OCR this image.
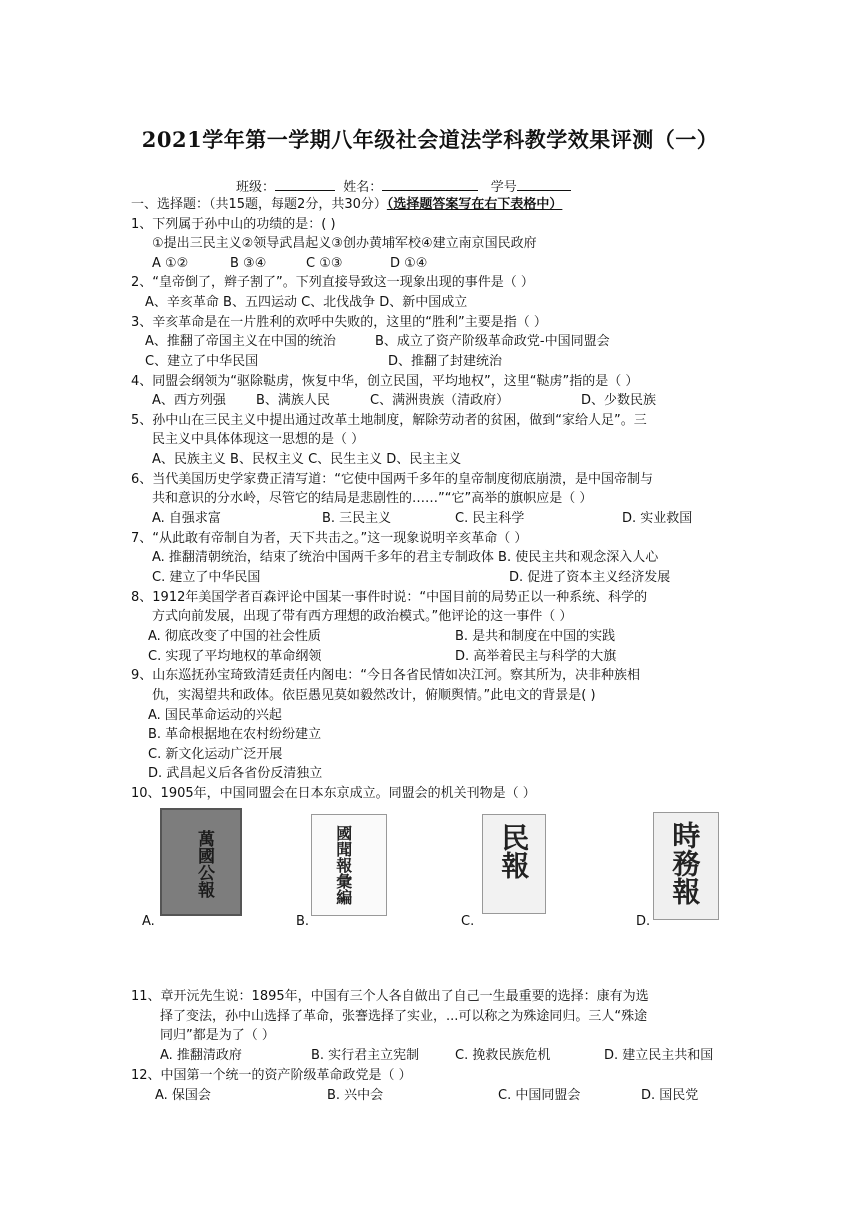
2021学年第一学期八年级社会道法学科教学效果评测（一）
班级：	姓名：	学号
一、选择题：（共15题，每题2分，共30分）（选择题答案写在右下表格中）
1、下列属于孙中山的功绩的是：( )
①提出三民主义②领导武昌起义③创办黄埔军校④建立南京国民政府
A ①②	B ③④	C ①③	D ①④
2、“皇帝倒了，辫子割了”。下列直接导致这一现象出现的事件是（ ）
A、辛亥革命 B、五四运动 C、北伐战争 D、新中国成立
3、辛亥革命是在一片胜利的欢呼中失败的，这里的“胜利”主要是指（ ）
A、推翻了帝国主义在中国的统治	B、成立了资产阶级革命政党-中国同盟会
C、建立了中华民国	D、推翻了封建统治
4、同盟会纲领为“驱除鞑虏，恢复中华，创立民国，平均地权”，这里“鞑虏”指的是（ ）
A、西方列强 B、满族人民	C、满洲贵族（清政府）	D、少数民族
5、孙中山在三民主义中提出通过改革土地制度，解除劳动者的贫困，做到“家给人足”。三
民主义中具体体现这一思想的是（ ）
A、民族主义 B、民权主义 C、民生主义 D、民主主义
6、当代美国历史学家费正清写道：“它使中国两千多年的皇帝制度彻底崩溃，是中国帝制与
共和意识的分水岭，尽管它的结局是悲剧性的……”“它”高举的旗帜应是（ ）
A. 自强求富	B. 三民主义	C. 民主科学	D. 实业救国
7、“从此敢有帝制自为者，天下共击之。”这一现象说明辛亥革命（ ）
A. 推翻清朝统治，结束了统治中国两千多年的君主专制政体 B. 使民主共和观念深入人心
C. 建立了中华民国	D. 促进了资本主义经济发展
8、1912年美国学者百森评论中国某一事件时说：“中国目前的局势正以一种系统、科学的
方式向前发展，出现了带有西方理想的政治模式。”他评论的这一事件（ ）
A. 彻底改变了中国的社会性质	B. 是共和制度在中国的实践
C. 实现了平均地权的革命纲领	D. 高举着民主与科学的大旗
9、山东巡抚孙宝琦致清廷责任内阁电：“今日各省民情如决江河。察其所为，决非种族相
仇，实渴望共和政体。依臣愚见莫如毅然改计，俯顺舆情。”此电文的背景是( )
A. 国民革命运动的兴起
B. 革命根据地在农村纷纷建立
C. 新文化运动广泛开展
D. 武昌起义后各省份反清独立
10、1905年，中国同盟会在日本东京成立。同盟会的机关刊物是（ ）
萬國公報
A.
國聞報彙編
B.
民報
C.
時務報
D.
11、章开沅先生说：1895年，中国有三个人各自做出了自己一生最重要的选择：康有为选
择了变法，孙中山选择了革命，张謇选择了实业，...可以称之为殊途同归。三人“殊途
同归”都是为了（ ）
A. 推翻清政府	B. 实行君主立宪制	C. 挽救民族危机	D. 建立民主共和国
12、中国第一个统一的资产阶级革命政党是（ ）
A. 保国会	B. 兴中会	C. 中国同盟会	D. 国民党
